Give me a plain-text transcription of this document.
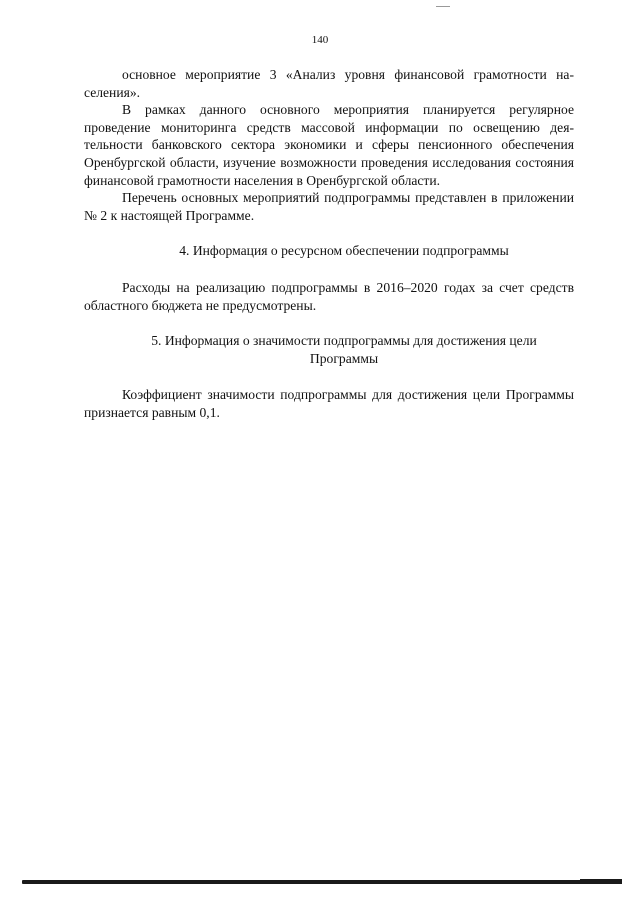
140

основное мероприятие 3 «Анализ уровня финансовой грамотности населения».

В рамках данного основного мероприятия планируется регулярное проведение мониторинга средств массовой информации по освещению деятельности банковского сектора экономики и сферы пенсионного обеспечения Оренбургской области, изучение возможности проведения исследования состояния финансовой грамотности населения в Оренбургской области.

Перечень основных мероприятий подпрограммы представлен в приложении № 2 к настоящей Программе.

4. Информация о ресурсном обеспечении подпрограммы

Расходы на реализацию подпрограммы в 2016–2020 годах за счет средств областного бюджета не предусмотрены.

5. Информация о значимости подпрограммы для достижения цели

Программы

Коэффициент значимости подпрограммы для достижения цели Программы признается равным 0,1.
